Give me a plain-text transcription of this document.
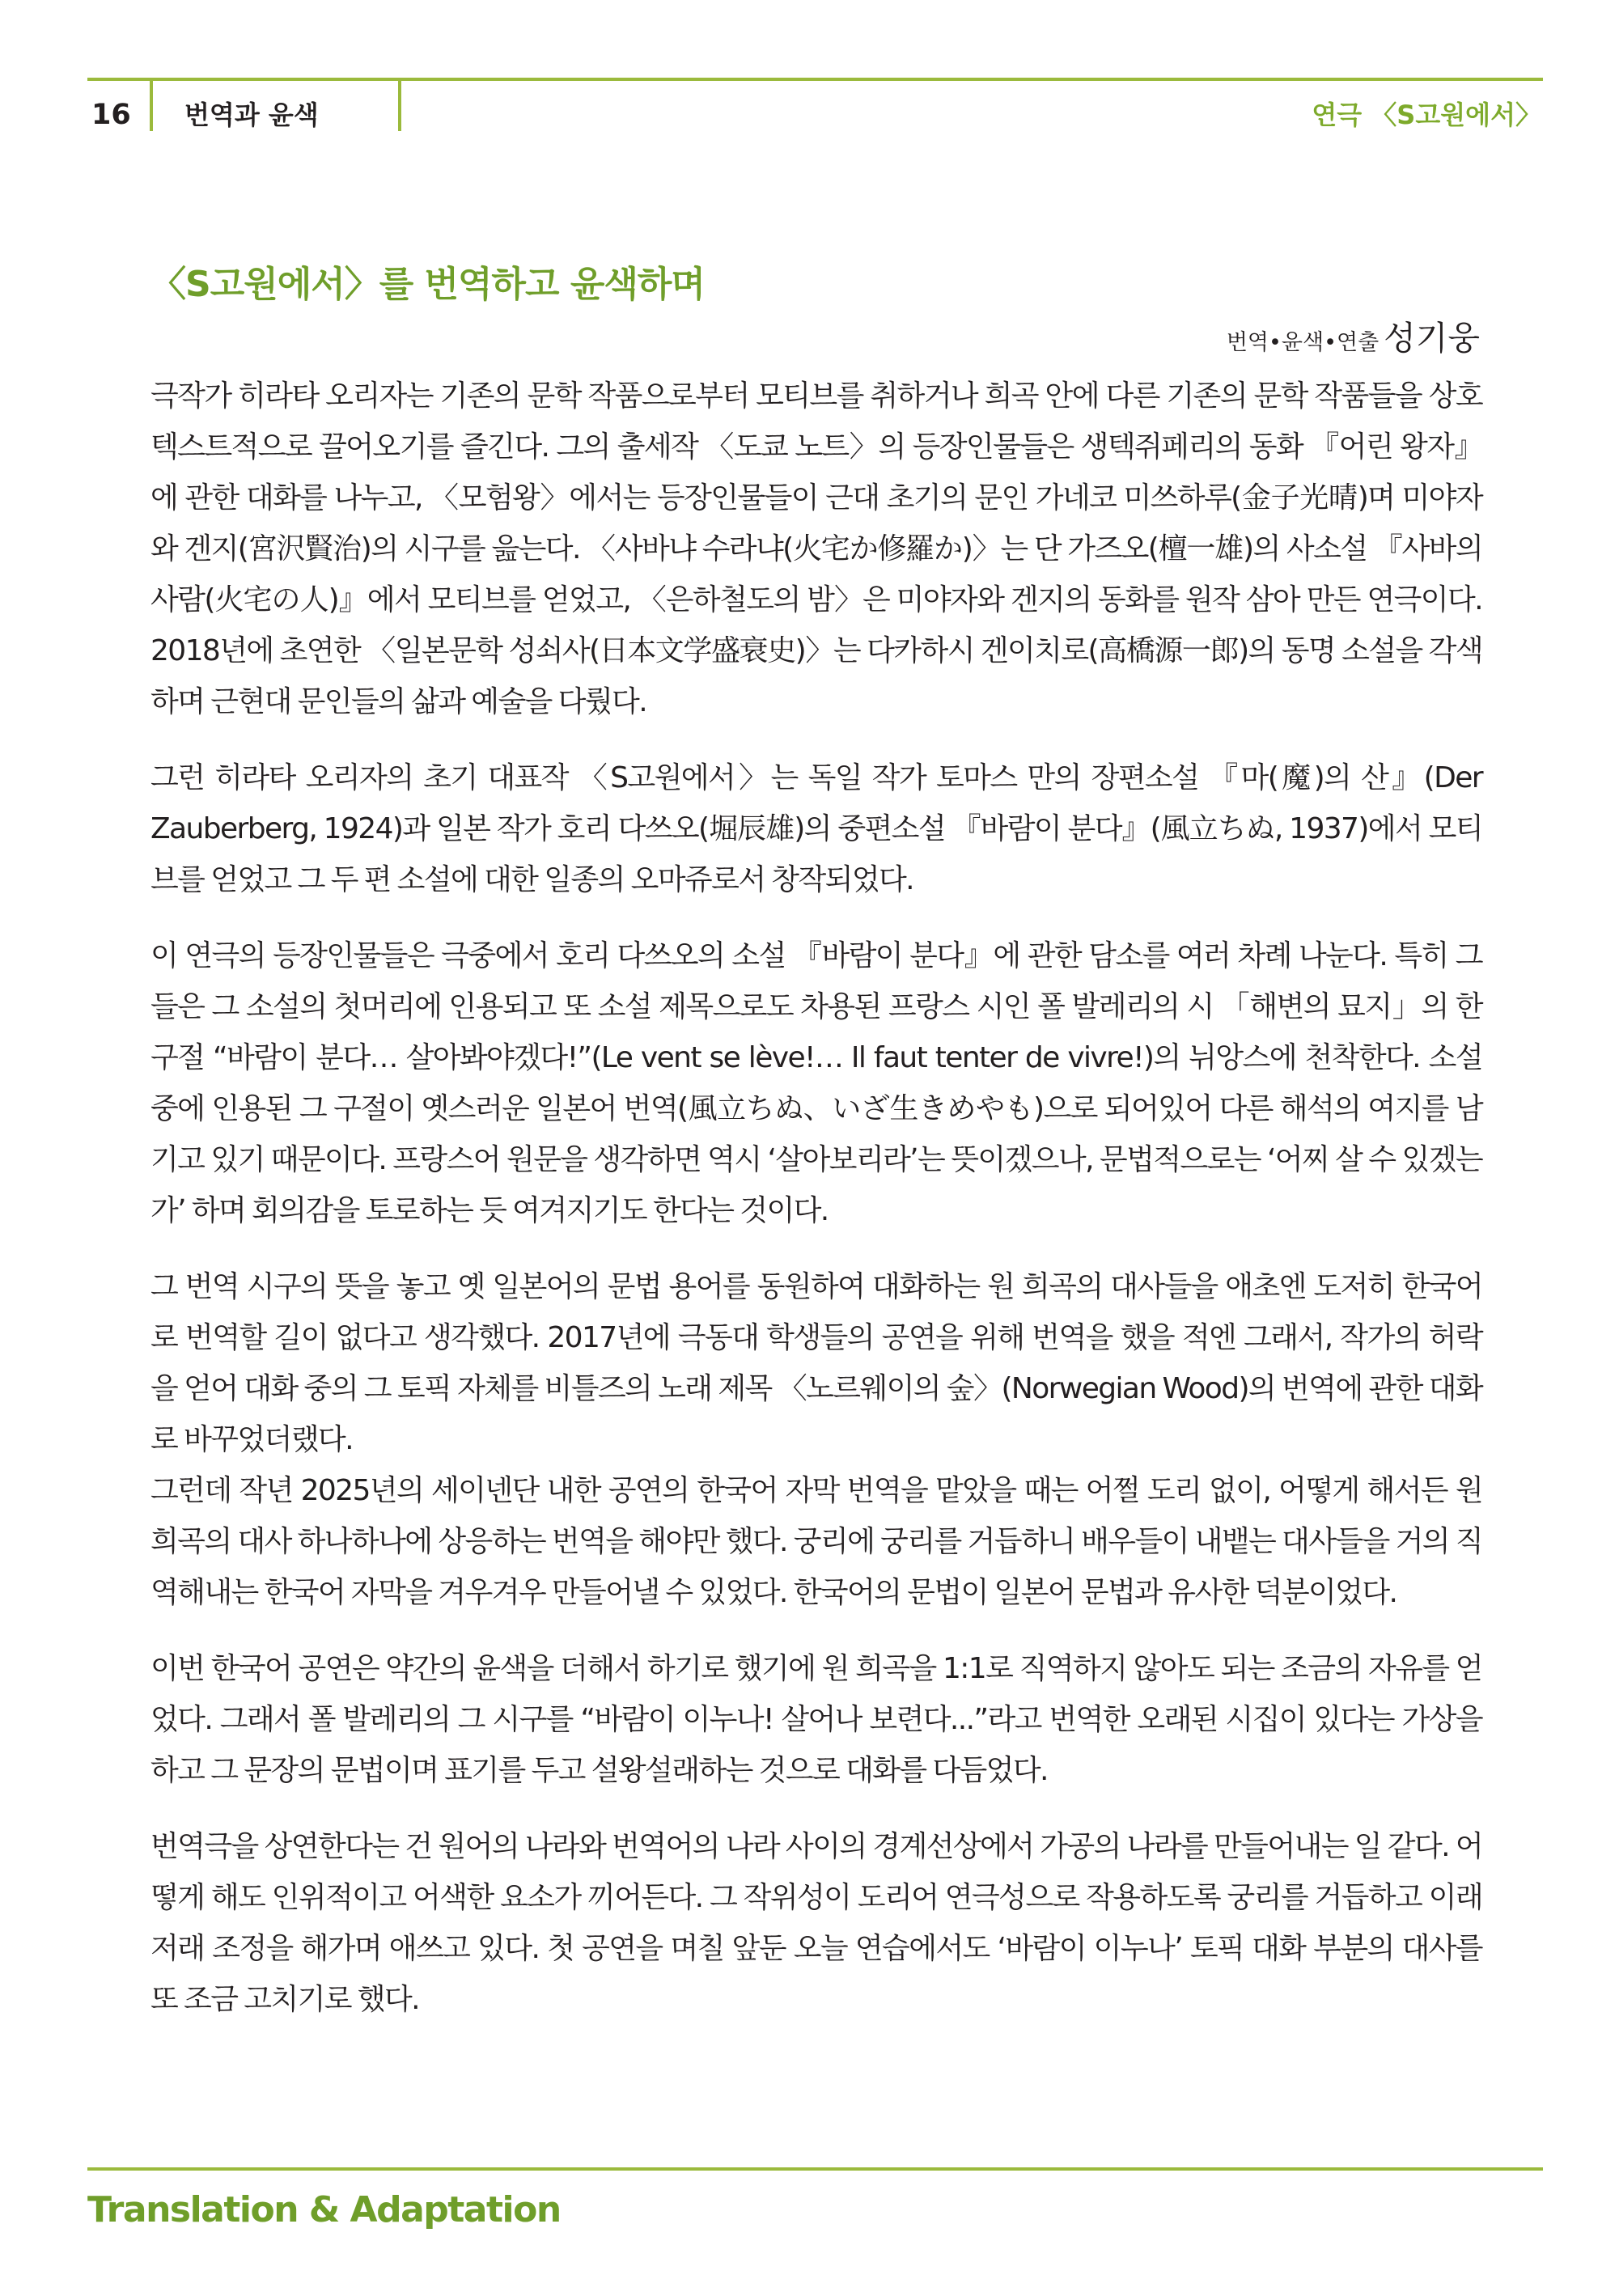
16 번역과 윤색	연극 〈S고원에서〉
〈S고원에서〉를 번역하고 윤색하며
번역•윤색•연출 성기웅

극작가 히라타 오리자는 기존의 문학 작품으로부터 모티브를 취하거나 희곡 안에 다른 기존의 문학 작품들을 상호텍스트적으로 끌어오기를 즐긴다. 그의 출세작 〈도쿄 노트〉의 등장인물들은 생텍쥐페리의 동화 『어린 왕자』에 관한 대화를 나누고, 〈모험왕〉에서는 등장인물들이 근대 초기의 문인 가네코 미쓰하루(金子光晴)며 미야자와 겐지(宮沢賢治)의 시구를 읊는다. 〈사바냐 수라냐(火宅か修羅か)〉는 단 가즈오(檀一雄)의 사소설 『사바의 사람(火宅の人)』에서 모티브를 얻었고, 〈은하철도의 밤〉은 미야자와 겐지의 동화를 원작 삼아 만든 연극이다. 2018년에 초연한 〈일본문학 성쇠사(日本文学盛衰史)〉는 다카하시 겐이치로(高橋源一郎)의 동명 소설을 각색하며 근현대 문인들의 삶과 예술을 다뤘다.

그런 히라타 오리자의 초기 대표작 〈S고원에서〉는 독일 작가 토마스 만의 장편소설 『마(魔)의 산』(Der Zauberberg, 1924)과 일본 작가 호리 다쓰오(堀辰雄)의 중편소설 『바람이 분다』(風立ちぬ, 1937)에서 모티브를 얻었고 그 두 편 소설에 대한 일종의 오마쥬로서 창작되었다.

이 연극의 등장인물들은 극중에서 호리 다쓰오의 소설 『바람이 분다』에 관한 담소를 여러 차례 나눈다. 특히 그들은 그 소설의 첫머리에 인용되고 또 소설 제목으로도 차용된 프랑스 시인 폴 발레리의 시 「해변의 묘지」의 한 구절 “바람이 분다… 살아봐야겠다!”(Le vent se lève!… Il faut tenter de vivre!)의 뉘앙스에 천착한다. 소설 중에 인용된 그 구절이 옛스러운 일본어 번역(風立ちぬ、いざ生きめやも)으로 되어있어 다른 해석의 여지를 남기고 있기 때문이다. 프랑스어 원문을 생각하면 역시 ‘살아보리라’는 뜻이겠으나, 문법적으로는 ‘어찌 살 수 있겠는가’ 하며 회의감을 토로하는 듯 여겨지기도 한다는 것이다.

그 번역 시구의 뜻을 놓고 옛 일본어의 문법 용어를 동원하여 대화하는 원 희곡의 대사들을 애초엔 도저히 한국어로 번역할 길이 없다고 생각했다. 2017년에 극동대 학생들의 공연을 위해 번역을 했을 적엔 그래서, 작가의 허락을 얻어 대화 중의 그 토픽 자체를 비틀즈의 노래 제목 〈노르웨이의 숲〉(Norwegian Wood)의 번역에 관한 대화로 바꾸었더랬다.

그런데 작년 2025년의 세이넨단 내한 공연의 한국어 자막 번역을 맡았을 때는 어쩔 도리 없이, 어떻게 해서든 원 희곡의 대사 하나하나에 상응하는 번역을 해야만 했다. 궁리에 궁리를 거듭하니 배우들이 내뱉는 대사들을 거의 직역해내는 한국어 자막을 겨우겨우 만들어낼 수 있었다. 한국어의 문법이 일본어 문법과 유사한 덕분이었다.

이번 한국어 공연은 약간의 윤색을 더해서 하기로 했기에 원 희곡을 1:1로 직역하지 않아도 되는 조금의 자유를 얻었다. 그래서 폴 발레리의 그 시구를 “바람이 이누나! 살어나 보련다...”라고 번역한 오래된 시집이 있다는 가상을 하고 그 문장의 문법이며 표기를 두고 설왕설래하는 것으로 대화를 다듬었다.

번역극을 상연한다는 건 원어의 나라와 번역어의 나라 사이의 경계선상에서 가공의 나라를 만들어내는 일 같다. 어떻게 해도 인위적이고 어색한 요소가 끼어든다. 그 작위성이 도리어 연극성으로 작용하도록 궁리를 거듭하고 이래저래 조정을 해가며 애쓰고 있다. 첫 공연을 며칠 앞둔 오늘 연습에서도 ‘바람이 이누나’ 토픽 대화 부분의 대사를 또 조금 고치기로 했다.

Translation & Adaptation
